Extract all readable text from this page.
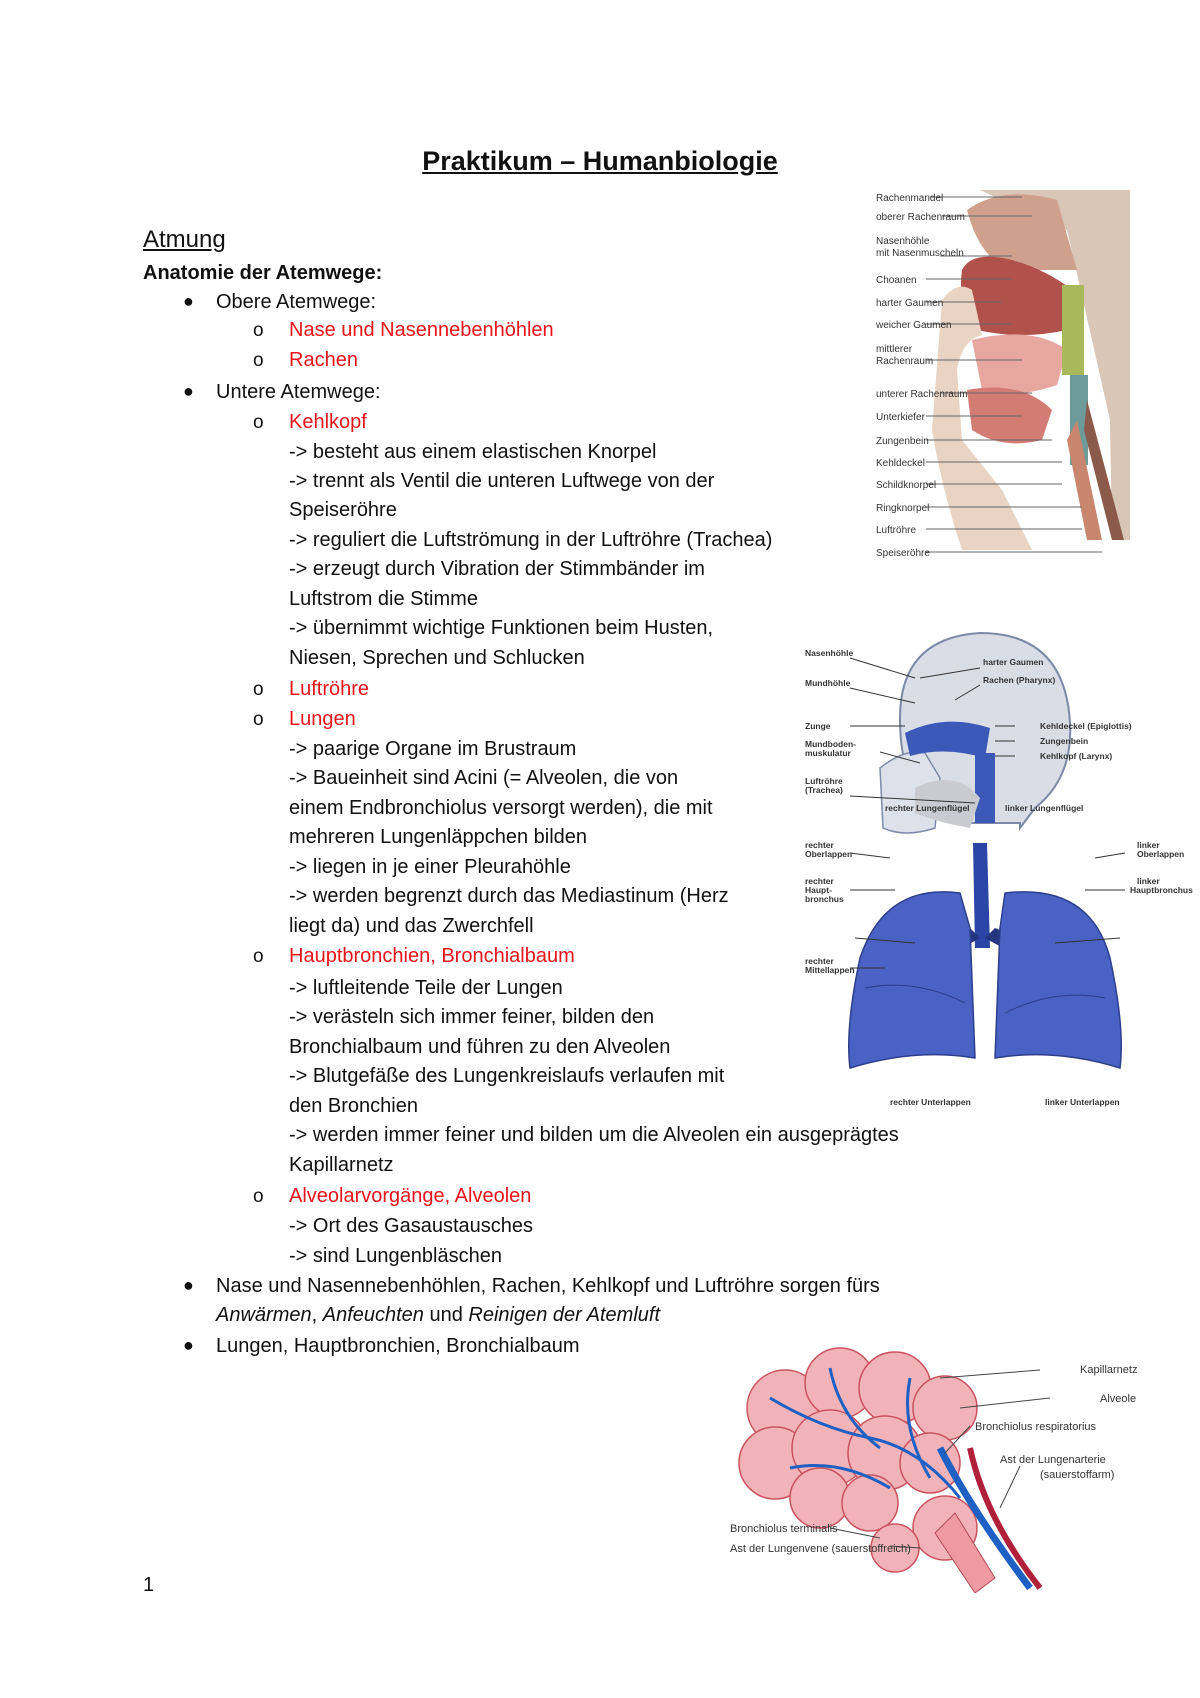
Praktikum – Humanbiologie
Atmung
Anatomie der Atemwege:
● Obere Atemwege:
o Nase und Nasennebenhöhlen
o Rachen
● Untere Atemwege:
o Kehlkopf
-> besteht aus einem elastischen Knorpel
-> trennt als Ventil die unteren Luftwege von der
Speiseröhre
-> reguliert die Luftströmung in der Luftröhre (Trachea)
-> erzeugt durch Vibration der Stimmbänder im
Luftstrom die Stimme
-> übernimmt wichtige Funktionen beim Husten,
Niesen, Sprechen und Schlucken
o Luftröhre
o Lungen
-> paarige Organe im Brustraum
-> Baueinheit sind Acini (= Alveolen, die von
einem Endbronchiolus versorgt werden), die mit
mehreren Lungenläppchen bilden
-> liegen in je einer Pleurahöhle
-> werden begrenzt durch das Mediastinum (Herz
liegt da) und das Zwerchfell
o Hauptbronchien, Bronchialbaum
-> luftleitende Teile der Lungen
-> verästeln sich immer feiner, bilden den
Bronchialbaum und führen zu den Alveolen
-> Blutgefäße des Lungenkreislaufs verlaufen mit
den Bronchien
-> werden immer feiner und bilden um die Alveolen ein ausgeprägtes
Kapillarnetz
o Alveolarvorgänge, Alveolen
-> Ort des Gasaustausches
-> sind Lungenbläschen
● Nase und Nasennebenhöhlen, Rachen, Kehlkopf und Luftröhre sorgen fürs
Anwärmen, Anfeuchten und Reinigen der Atemluft
● Lungen, Hauptbronchien, Bronchialbaum
1
Rachenmandel
oberer Rachenraum
Nasenhöhle
mit Nasenmuscheln
Choanen
harter Gaumen
weicher Gaumen
mittlerer
Rachenraum
unterer Rachenraum
Unterkiefer
Zungenbein
Kehldeckel
Schildknorpel
Ringknorpel
Luftröhre
Speiseröhre
Nasenhöhle
Mundhöhle
Zunge
Mundboden-
muskulatur
Luftröhre
(Trachea)
harter Gaumen
Rachen (Pharynx)
Kehldeckel (Epiglottis)
Zungenbein
Kehlkopf (Larynx)
rechter Lungenflügel	linker Lungenflügel
rechter
Oberlappen
linker
Oberlappen
rechter
Haupt-
bronchus
linker
Hauptbronchus
rechter
Mittellappen
rechter Unterlappen	linker Unterlappen
Kapillarnetz
Alveole
Bronchiolus respiratorius
Ast der Lungenarterie
(sauerstoffarm)
Bronchiolus terminalis
Ast der Lungenvene (sauerstoffreich)
